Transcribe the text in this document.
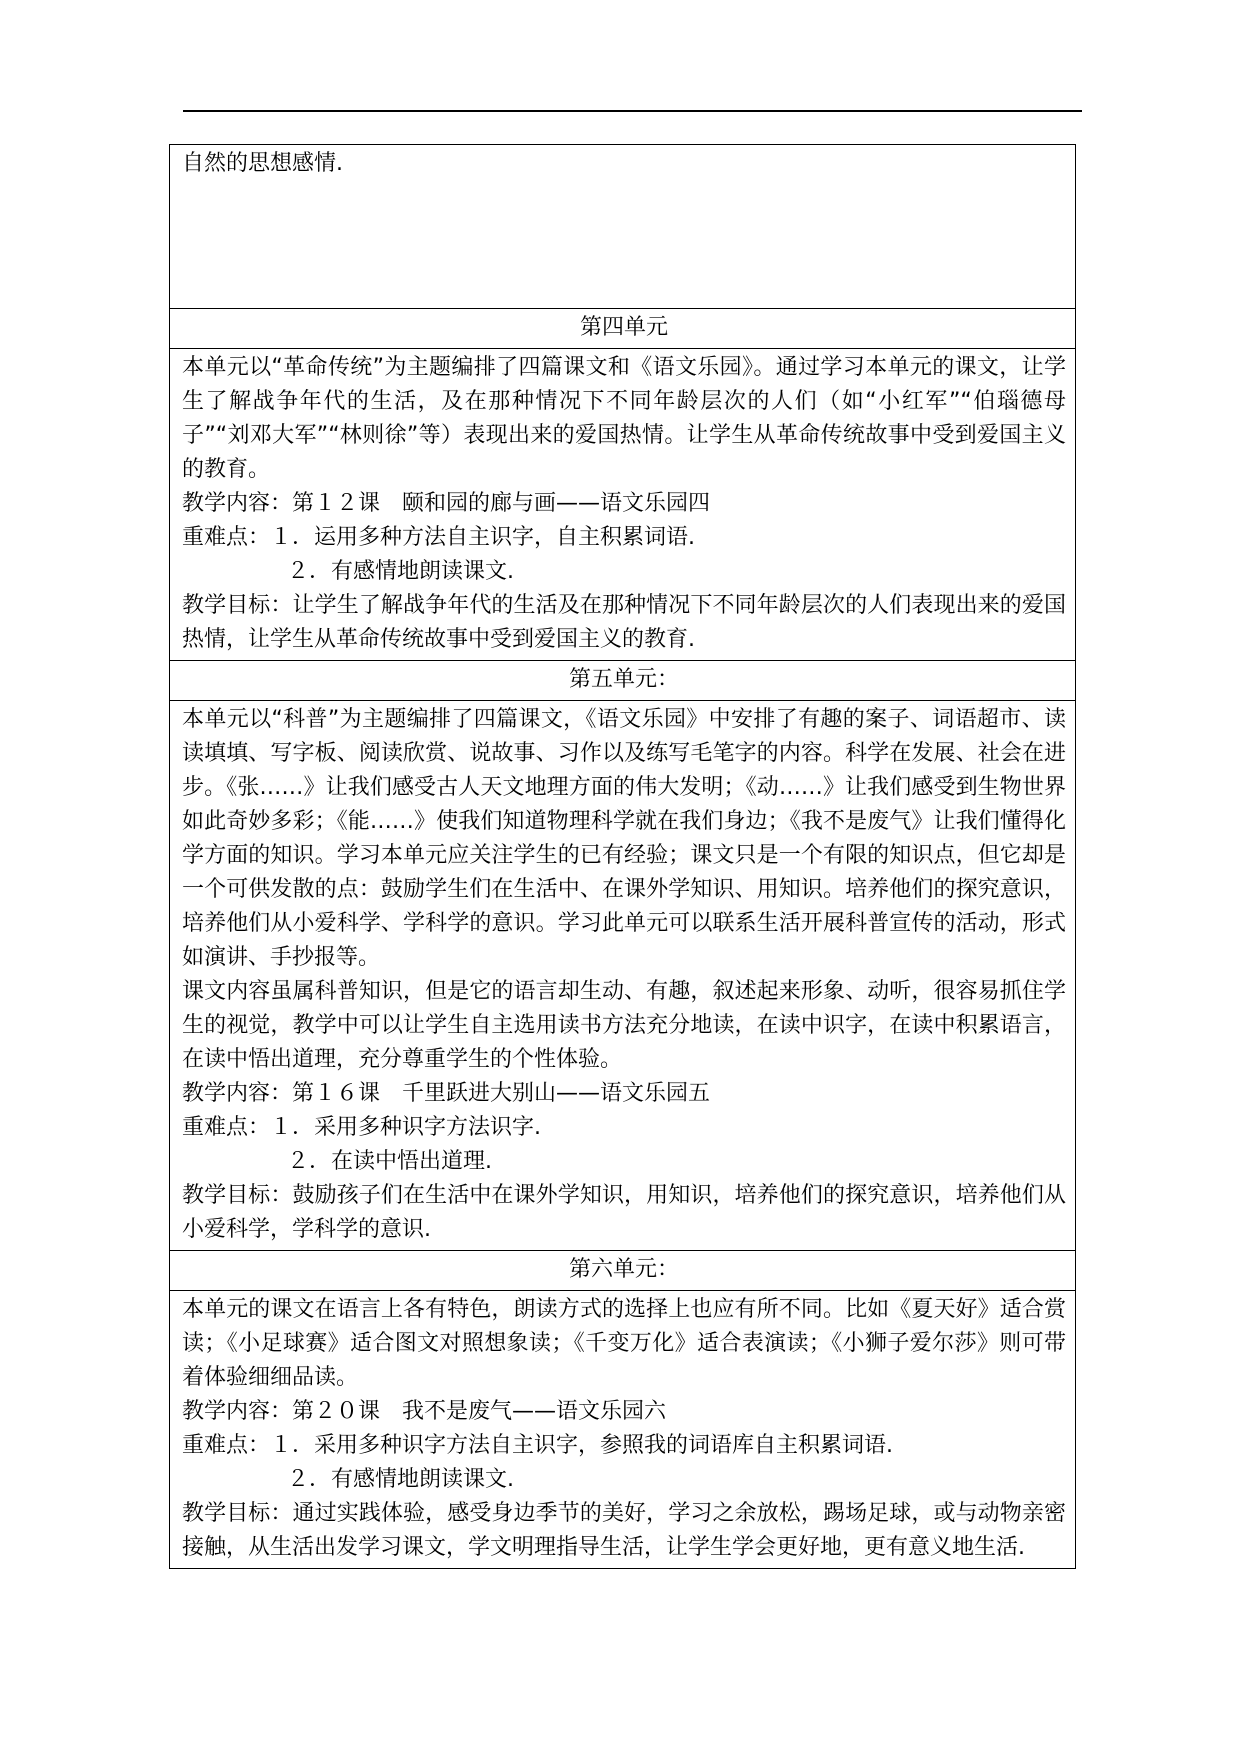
自然的思想感情.

第四单元

本单元以“革命传统”为主题编排了四篇课文和《语文乐园》。通过学习本单元的课文，让学生了解战争年代的生活，及在那种情况下不同年龄层次的人们（如“小红军”“伯瑙德母子”“刘邓大军”“林则徐”等）表现出来的爱国热情。让学生从革命传统故事中受到爱国主义的教育。

教学内容：第１２课　颐和园的廊与画——语文乐园四

重难点：１．运用多种方法自主识字，自主积累词语.

２．有感情地朗读课文.

教学目标：让学生了解战争年代的生活及在那种情况下不同年龄层次的人们表现出来的爱国热情，让学生从革命传统故事中受到爱国主义的教育.

第五单元：

本单元以“科普”为主题编排了四篇课文，《语文乐园》中安排了有趣的案子、词语超市、读读填填、写字板、阅读欣赏、说故事、习作以及练写毛笔字的内容。科学在发展、社会在进步。《张……》让我们感受古人天文地理方面的伟大发明；《动……》让我们感受到生物世界如此奇妙多彩；《能……》使我们知道物理科学就在我们身边；《我不是废气》让我们懂得化学方面的知识。学习本单元应关注学生的已有经验；课文只是一个有限的知识点，但它却是一个可供发散的点：鼓励学生们在生活中、在课外学知识、用知识。培养他们的探究意识，培养他们从小爱科学、学科学的意识。学习此单元可以联系生活开展科普宣传的活动，形式如演讲、手抄报等。

课文内容虽属科普知识，但是它的语言却生动、有趣，叙述起来形象、动听，很容易抓住学生的视觉，教学中可以让学生自主选用读书方法充分地读，在读中识字，在读中积累语言，在读中悟出道理，充分尊重学生的个性体验。

教学内容：第１６课　千里跃进大别山——语文乐园五

重难点：１．采用多种识字方法识字.

２．在读中悟出道理.

教学目标：鼓励孩子们在生活中在课外学知识，用知识，培养他们的探究意识，培养他们从小爱科学，学科学的意识.

第六单元：

本单元的课文在语言上各有特色，朗读方式的选择上也应有所不同。比如《夏天好》适合赏读；《小足球赛》适合图文对照想象读；《千变万化》适合表演读；《小狮子爱尔莎》则可带着体验细细品读。

教学内容：第２０课　我不是废气——语文乐园六

重难点：１．采用多种识字方法自主识字，参照我的词语库自主积累词语.

２．有感情地朗读课文.

教学目标：通过实践体验，感受身边季节的美好，学习之余放松，踢场足球，或与动物亲密接触，从生活出发学习课文，学文明理指导生活，让学生学会更好地，更有意义地生活.
